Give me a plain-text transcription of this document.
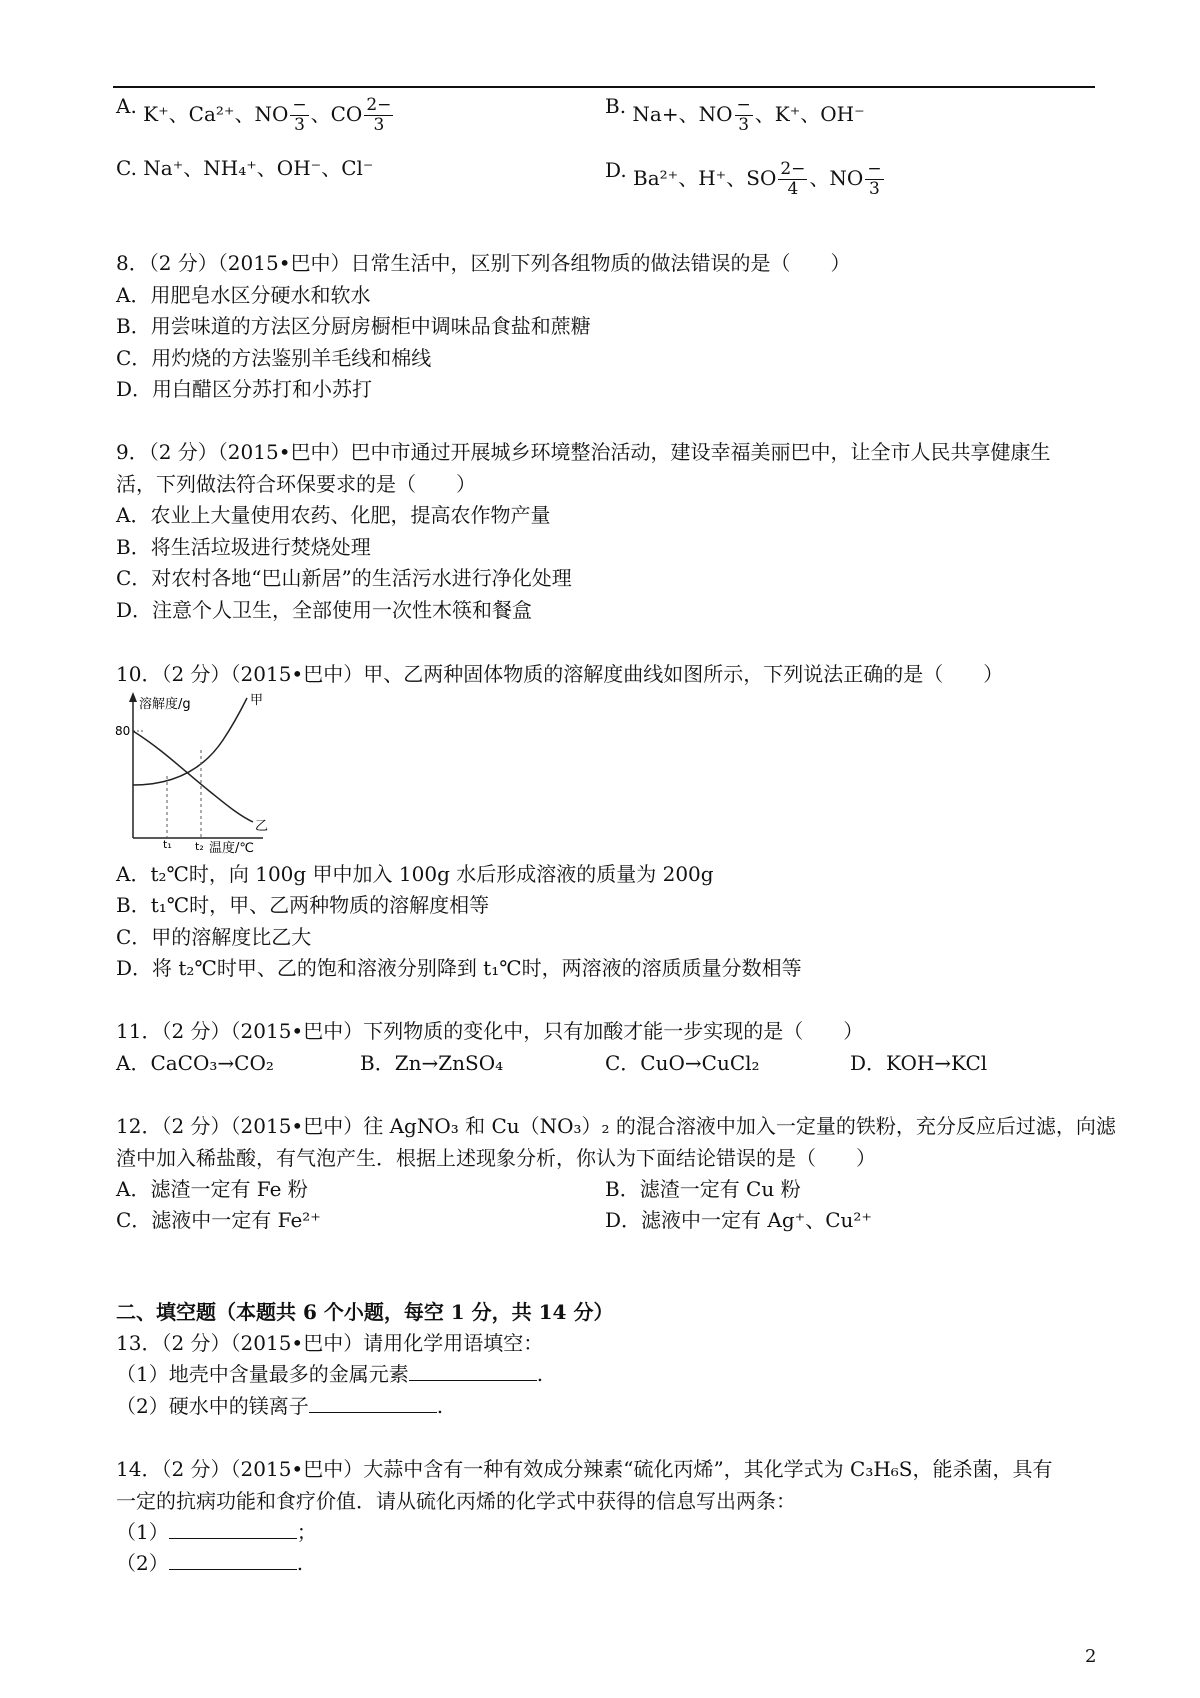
A. K⁺、Ca²⁺、NO $\frac{-}{3}$ 、CO $\frac{2-}{3}$	B. Na+、NO $\frac{-}{3}$ 、K⁺、OH⁻
C. Na⁺、NH₄⁺、OH⁻、Cl⁻	D. Ba²⁺、H⁺、SO $\frac{2-}{4}$ 、NO $\frac{-}{3}$
8．（2 分）（2015•巴中）日常生活中，区别下列各组物质的做法错误的是（　　）
A．用肥皂水区分硬水和软水
B．用尝味道的方法区分厨房橱柜中调味品食盐和蔗糖
C．用灼烧的方法鉴别羊毛线和棉线
D．用白醋区分苏打和小苏打
9．（2 分）（2015•巴中）巴中市通过开展城乡环境整治活动，建设幸福美丽巴中，让全市人民共享健康生
活，下列做法符合环保要求的是（　　）
A．农业上大量使用农药、化肥，提高农作物产量
B．将生活垃圾进行焚烧处理
C．对农村各地“巴山新居”的生活污水进行净化处理
D．注意个人卫生，全部使用一次性木筷和餐盒
10．（2 分）（2015•巴中）甲、乙两种固体物质的溶解度曲线如图所示，下列说法正确的是（　　）
80
溶解度/g	甲
乙
t₁ t₂ 温度/℃
A．t₂℃时，向 100g 甲中加入 100g 水后形成溶液的质量为 200g
B．t₁℃时，甲、乙两种物质的溶解度相等
C．甲的溶解度比乙大
D．将 t₂℃时甲、乙的饱和溶液分别降到 t₁℃时，两溶液的溶质质量分数相等
11．（2 分）（2015•巴中）下列物质的变化中，只有加酸才能一步实现的是（　　）
A．CaCO₃→CO₂	B．Zn→ZnSO₄	C．CuO→CuCl₂	D．KOH→KCl
12．（2 分）（2015•巴中）往 AgNO₃ 和 Cu（NO₃）₂ 的混合溶液中加入一定量的铁粉，充分反应后过滤，向滤
渣中加入稀盐酸，有气泡产生．根据上述现象分析，你认为下面结论错误的是（　　）
A．滤渣一定有 Fe 粉	B．滤渣一定有 Cu 粉
C．滤液中一定有 Fe²⁺	D．滤液中一定有 Ag⁺、Cu²⁺
二、填空题（本题共 6 个小题，每空 1 分，共 14 分）
13．（2 分）（2015•巴中）请用化学用语填空：
（1）地壳中含量最多的金属元素	.
（2）硬水中的镁离子	.
14．（2 分）（2015•巴中）大蒜中含有一种有效成分辣素“硫化丙烯”，其化学式为 C₃H₆S，能杀菌，具有
一定的抗病功能和食疗价值．请从硫化丙烯的化学式中获得的信息写出两条：
（1）	；
（2）	.
2
